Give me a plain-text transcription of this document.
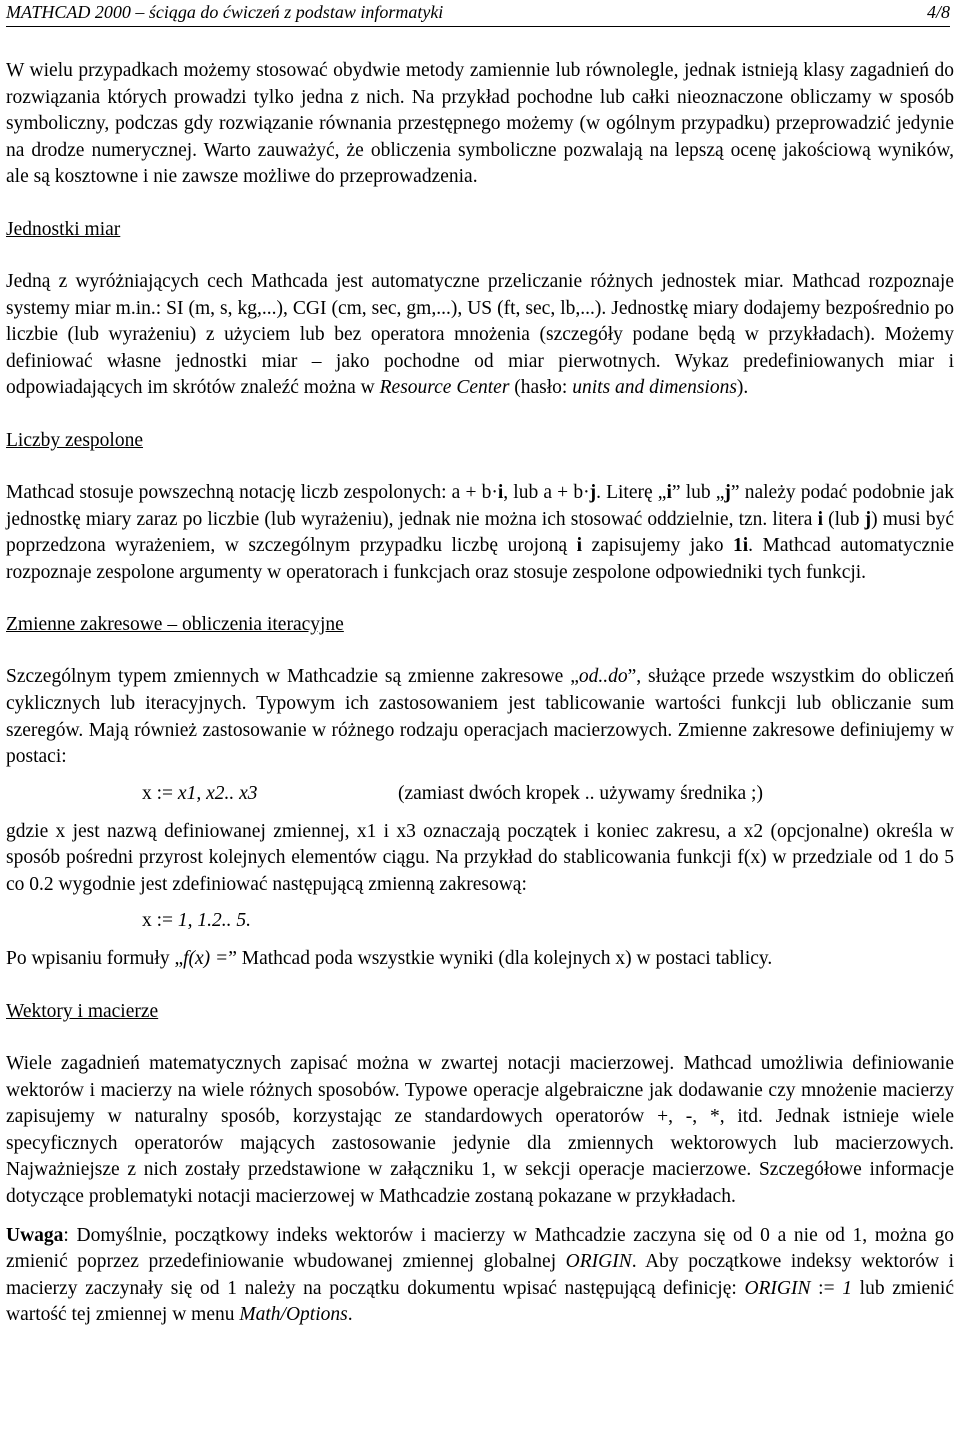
MATHCAD 2000 – ściąga do ćwiczeń z podstaw informatyki	4/8

W wielu przypadkach możemy stosować obydwie metody zamiennie lub równolegle, jednak istnieją klasy zagadnień do rozwiązania których prowadzi tylko jedna z nich. Na przykład pochodne lub całki nieoznaczone obliczamy w sposób symboliczny, podczas gdy rozwiązanie równania przestępnego możemy (w ogólnym przypadku) przeprowadzić jedynie na drodze numerycznej. Warto zauważyć, że obliczenia symboliczne pozwalają na lepszą ocenę jakościową wyników, ale są kosztowne i nie zawsze możliwe do przeprowadzenia.

Jednostki miar

Jedną z wyróżniających cech Mathcada jest automatyczne przeliczanie różnych jednostek miar. Mathcad rozpoznaje systemy miar m.in.: SI (m, s, kg,...), CGI (cm, sec, gm,...), US (ft, sec, lb,...). Jednostkę miary dodajemy bezpośrednio po liczbie (lub wyrażeniu) z użyciem lub bez operatora mnożenia (szczegóły podane będą w przykładach). Możemy definiować własne jednostki miar – jako pochodne od miar pierwotnych. Wykaz predefiniowanych miar i odpowiadających im skrótów znaleźć można w Resource Center (hasło: units and dimensions).

Liczby zespolone

Mathcad stosuje powszechną notację liczb zespolonych: a + b·i, lub a + b·j. Literę „i” lub „j” należy podać podobnie jak jednostkę miary zaraz po liczbie (lub wyrażeniu), jednak nie można ich stosować oddzielnie, tzn. litera i (lub j) musi być poprzedzona wyrażeniem, w szczególnym przypadku liczbę urojoną i zapisujemy jako 1i. Mathcad automatycznie rozpoznaje zespolone argumenty w operatorach i funkcjach oraz stosuje zespolone odpowiedniki tych funkcji.

Zmienne zakresowe – obliczenia iteracyjne

Szczególnym typem zmiennych w Mathcadzie są zmienne zakresowe „od..do”, służące przede wszystkim do obliczeń cyklicznych lub iteracyjnych. Typowym ich zastosowaniem jest tablicowanie wartości funkcji lub obliczanie sum szeregów. Mają również zastosowanie w różnego rodzaju operacjach macierzowych. Zmienne zakresowe definiujemy w postaci:

x := x1, x2.. x3	(zamiast dwóch kropek .. używamy średnika ;)

gdzie x jest nazwą definiowanej zmiennej, x1 i x3 oznaczają początek i koniec zakresu, a x2 (opcjonalne) określa w sposób pośredni przyrost kolejnych elementów ciągu. Na przykład do stablicowania funkcji f(x) w przedziale od 1 do 5 co 0.2 wygodnie jest zdefiniować następującą zmienną zakresową:

x := 1, 1.2.. 5.

Po wpisaniu formuły „f(x) =” Mathcad poda wszystkie wyniki (dla kolejnych x) w postaci tablicy.

Wektory i macierze

Wiele zagadnień matematycznych zapisać można w zwartej notacji macierzowej. Mathcad umożliwia definiowanie wektorów i macierzy na wiele różnych sposobów. Typowe operacje algebraiczne jak dodawanie czy mnożenie macierzy zapisujemy w naturalny sposób, korzystając ze standardowych operatorów +, -, *, itd. Jednak istnieje wiele specyficznych operatorów mających zastosowanie jedynie dla zmiennych wektorowych lub macierzowych. Najważniejsze z nich zostały przedstawione w załączniku 1, w sekcji operacje macierzowe. Szczegółowe informacje dotyczące problematyki notacji macierzowej w Mathcadzie zostaną pokazane w przykładach.

Uwaga: Domyślnie, początkowy indeks wektorów i macierzy w Mathcadzie zaczyna się od 0 a nie od 1, można go zmienić poprzez przedefiniowanie wbudowanej zmiennej globalnej ORIGIN. Aby początkowe indeksy wektorów i macierzy zaczynały się od 1 należy na początku dokumentu wpisać następującą definicję: ORIGIN := 1 lub zmienić wartość tej zmiennej w menu Math/Options.
